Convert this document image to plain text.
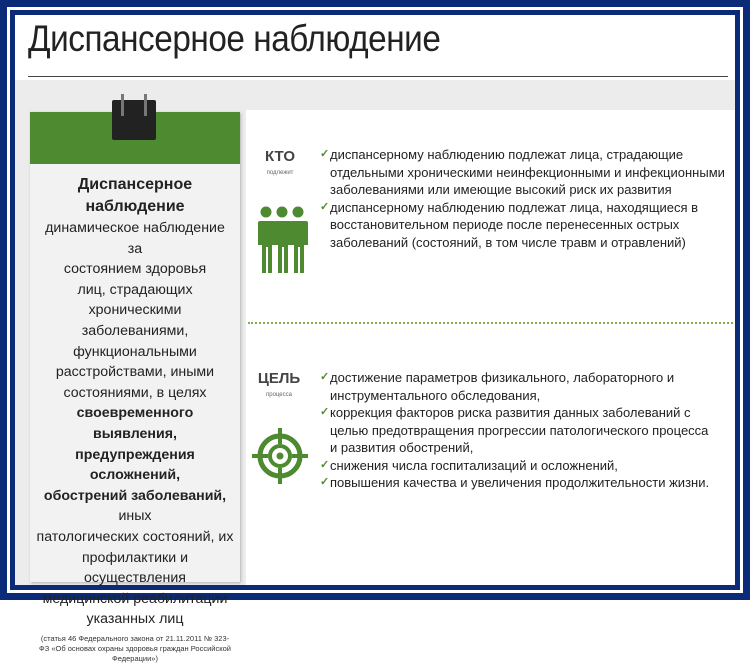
Диспансерное наблюдение
Диспансерное наблюдение
динамическое наблюдение за
состоянием здоровья
лиц, страдающих хроническими
заболеваниями,
функциональными
расстройствами, иными
состояниями, в целях
своевременного выявления,
предупреждения осложнений,
обострений заболеваний, иных
патологических состояний, их
профилактики и осуществления
медицинской реабилитации
указанных лиц
(статья 46 Федерального закона от 21.11.2011 № 323-ФЗ «Об основах охраны здоровья граждан Российской Федерации»)
КТО
подлежит
✓ диспансерному наблюдению подлежат лица, страдающие отдельными хроническими неинфекционными и инфекционными заболеваниями или имеющие высокий риск их развития
✓ диспансерному наблюдению подлежат лица, находящиеся в восстановительном периоде после перенесенных острых заболеваний (состояний, в том числе травм и отравлений)
ЦЕЛЬ
процесса
✓ достижение параметров физикального, лабораторного и инструментального обследования,
✓ коррекция факторов риска развития данных заболеваний с целью предотвращения прогрессии патологического процесса и развития обострений,
✓ снижения числа госпитализаций и осложнений,
✓ повышения качества и увеличения продолжительности жизни.
